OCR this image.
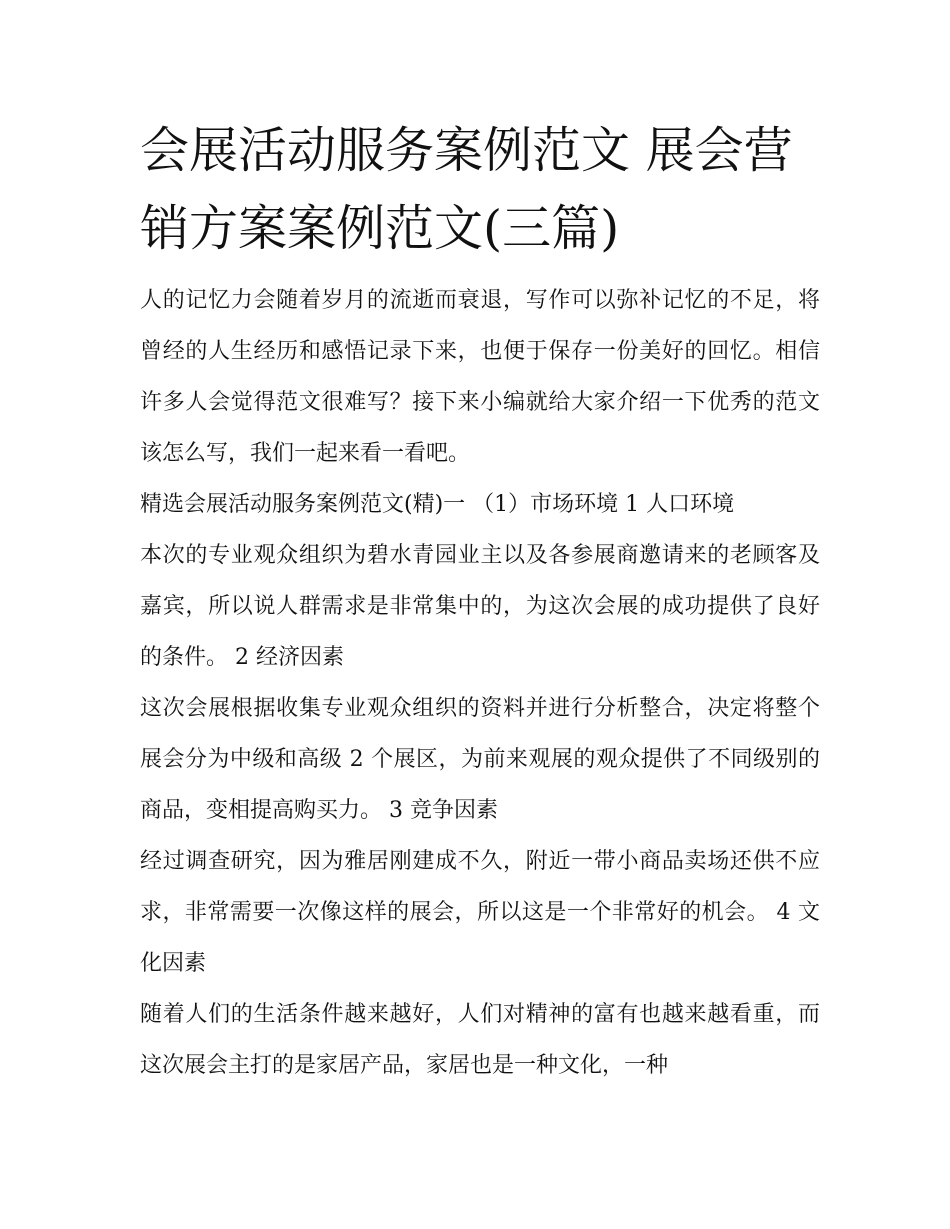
会展活动服务案例范文 展会营销方案案例范文(三篇)

人的记忆力会随着岁月的流逝而衰退，写作可以弥补记忆的不足，将曾经的人生经历和感悟记录下来，也便于保存一份美好的回忆。相信许多人会觉得范文很难写？接下来小编就给大家介绍一下优秀的范文该怎么写，我们一起来看一看吧。

精选会展活动服务案例范文(精)一 （1）市场环境 1 人口环境

本次的专业观众组织为碧水青园业主以及各参展商邀请来的老顾客及嘉宾，所以说人群需求是非常集中的，为这次会展的成功提供了良好的条件。 2 经济因素

这次会展根据收集专业观众组织的资料并进行分析整合，决定将整个展会分为中级和高级 2 个展区，为前来观展的观众提供了不同级别的商品，变相提高购买力。 3 竞争因素

经过调查研究，因为雅居刚建成不久，附近一带小商品卖场还供不应求，非常需要一次像这样的展会，所以这是一个非常好的机会。 4 文化因素

随着人们的生活条件越来越好，人们对精神的富有也越来越看重，而这次展会主打的是家居产品，家居也是一种文化，一种
